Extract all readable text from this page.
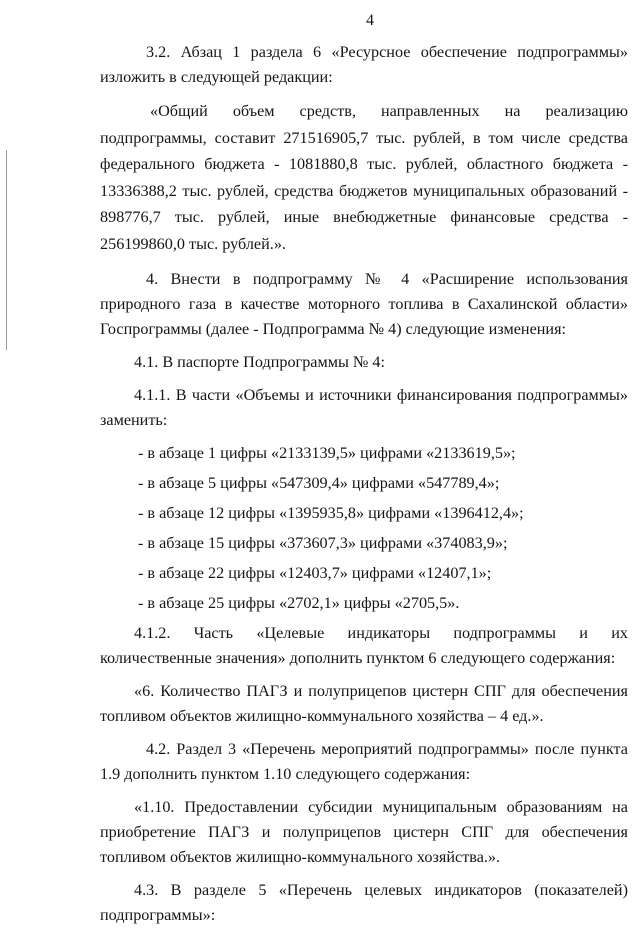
4

3.2. Абзац 1 раздела 6 «Ресурсное обеспечение подпрограммы» изложить в следующей редакции:

«Общий объем средств, направленных на реализацию подпрограммы, составит 271516905,7 тыс. рублей, в том числе средства федерального бюджета - 1081880,8 тыс. рублей, областного бюджета - 13336388,2 тыс. рублей, средства бюджетов муниципальных образований - 898776,7 тыс. рублей, иные внебюджетные финансовые средства - 256199860,0 тыс. рублей.».

4. Внести в подпрограмму № 4 «Расширение использования природного газа в качестве моторного топлива в Сахалинской области» Госпрограммы (далее - Подпрограмма № 4) следующие изменения:

4.1. В паспорте Подпрограммы № 4:

4.1.1. В части «Объемы и источники финансирования подпрограммы» заменить:

- в абзаце 1 цифры «2133139,5» цифрами «2133619,5»;

- в абзаце 5 цифры «547309,4» цифрами «547789,4»;

- в абзаце 12 цифры «1395935,8» цифрами «1396412,4»;

- в абзаце 15 цифры «373607,3» цифрами «374083,9»;

- в абзаце 22 цифры «12403,7» цифрами «12407,1»;

- в абзаце 25 цифры «2702,1» цифры «2705,5».

4.1.2. Часть «Целевые индикаторы подпрограммы и их количественные значения» дополнить пунктом 6 следующего содержания:

«6. Количество ПАГЗ и полуприцепов цистерн СПГ для обеспечения топливом объектов жилищно-коммунального хозяйства – 4 ед.».

4.2. Раздел 3 «Перечень мероприятий подпрограммы» после пункта 1.9 дополнить пунктом 1.10 следующего содержания:

«1.10. Предоставлении субсидии муниципальным образованиям на приобретение ПАГЗ и полуприцепов цистерн СПГ для обеспечения топливом объектов жилищно-коммунального хозяйства.».

4.3. В разделе 5 «Перечень целевых индикаторов (показателей) подпрограммы»:
